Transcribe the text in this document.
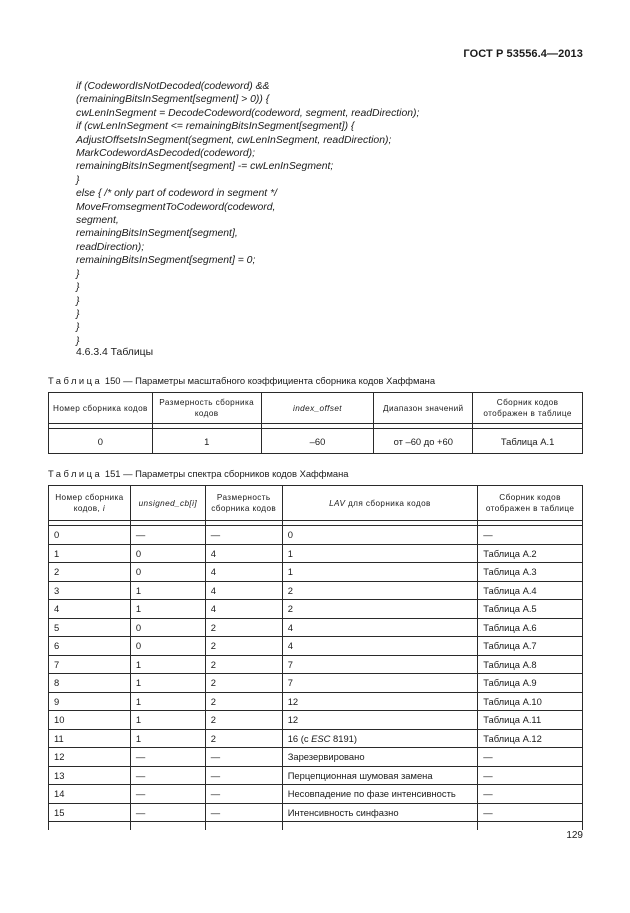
ГОСТ Р 53556.4—2013
if (CodewordIsNotDecoded(codeword) &&
(remainingBitsInSegment[segment] > 0)) {
cwLenInSegment = DecodeCodeword(codeword, segment, readDirection);
if (cwLenInSegment <= remainingBitsInSegment[segment]) {
AdjustOffsetsInSegment(segment, cwLenInSegment, readDirection);
MarkCodewordAsDecoded(codeword);
remainingBitsInSegment[segment] -= cwLenInSegment;
}
else { /* only part of codeword in segment */
MoveFromsegmentToCodeword(codeword,
segment,
remainingBitsInSegment[segment],
readDirection);
remainingBitsInSegment[segment] = 0;
}
}
}
}
}
}
4.6.3.4 Таблицы
Таблица 150 — Параметры масштабного коэффициента сборника кодов Хаффмана
Номер сборника кодов	Размерность сборника кодов	index_offset	Диапазон значений	Сборник кодов отображен в таблице

0	1	–60	от –60 до +60	Таблица А.1
Таблица 151 — Параметры спектра сборников кодов Хаффмана
Номер сборника кодов, i	unsigned_cb[i]	Размерность сборника кодов	LAV для сборника кодов	Сборник кодов отображен в таблице

0	—	—	0	—
1	0	4	1	Таблица А.2
2	0	4	1	Таблица А.3
3	1	4	2	Таблица А.4
4	1	4	2	Таблица А.5
5	0	2	4	Таблица А.6
6	0	2	4	Таблица А.7
7	1	2	7	Таблица А.8
8	1	2	7	Таблица А.9
9	1	2	12	Таблица А.10
10	1	2	12	Таблица А.11
11	1	2	16 (с ESC 8191)	Таблица А.12
12	—	—	Зарезервировано	—
13	—	—	Перцепционная шумовая замена	—
14	—	—	Несовпадение по фазе интенсивность	—
15	—	—	Интенсивность синфазно	—

129
